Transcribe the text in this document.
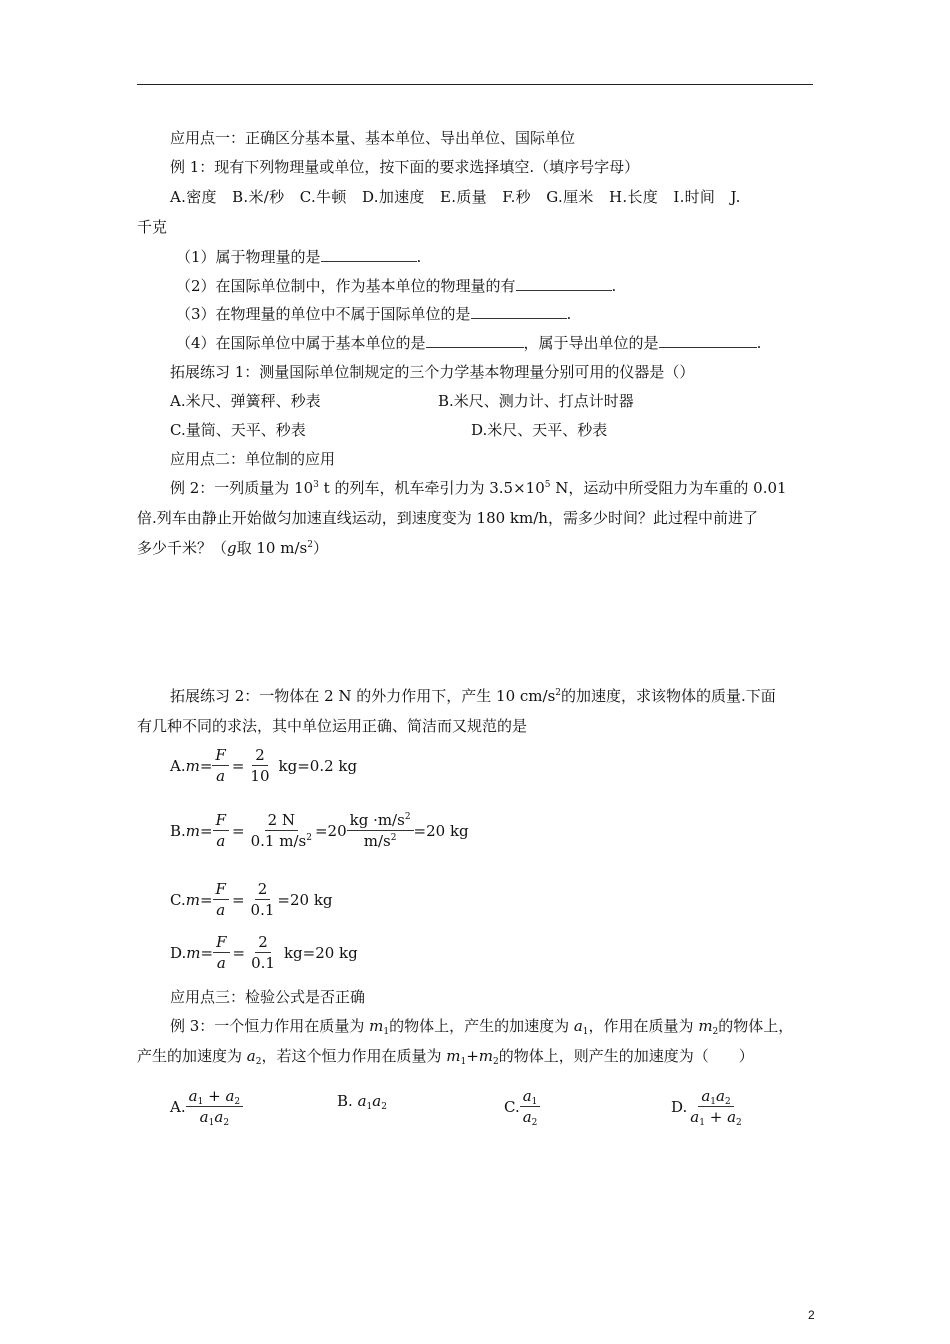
应用点一：正确区分基本量、基本单位、导出单位、国际单位
例 1：现有下列物理量或单位，按下面的要求选择填空.（填序号字母）
A.密度　B.米/秒　C.牛顿　D.加速度　E.质量　F.秒　G.厘米　H.长度　I.时间　J.
千克
（1）属于物理量的是	.
（2）在国际单位制中，作为基本单位的物理量的有	.
（3）在物理量的单位中不属于国际单位的是	.
（4）在国际单位中属于基本单位的是	，属于导出单位的是	.
拓展练习 1：测量国际单位制规定的三个力学基本物理量分别可用的仪器是（）
A.米尺、弹簧秤、秒表	B.米尺、测力计、打点计时器
C.量筒、天平、秒表	D.米尺、天平、秒表
应用点二：单位制的应用
例 2：一列质量为 $10^3$ t 的列车，机车牵引力为 $3.5\times 10^5$ N，运动中所受阻力为车重的 0.01
倍.列车由静止开始做匀加速直线运动，到速度变为 180 km/h，需多少时间？此过程中前进了
多少千米？（g取 10 $m/s^2$）
拓展练习 2：一物体在 2 N 的外力作用下，产生 10 $cm/s^2$的加速度，求该物体的质量.下面
有几种不同的求法，其中单位运用正确、简洁而又规范的是
A. $m = \frac{F}{a} = \frac{2}{10} kg=0.2$ kg
B. $m = \frac{F}{a} = \frac{2 N}{0.1 m/s^2} =20 \frac{kg \cdot m/s^2}{m/s^2} =20$ kg
C. $m = \frac{F}{a} = \frac{2}{0.1} =20$ kg
D. $m = \frac{F}{a} = \frac{2}{0.1} kg=20$ kg
应用点三：检验公式是否正确
例 3：一个恒力作用在质量为 $m_1$的物体上，产生的加速度为 $a_1$，作用在质量为 $m_2$的物体上，
产生的加速度为 $a_2$，若这个恒力作用在质量为 $m_1+m_2$的物体上，则产生的加速度为（　　）
A. $\frac{a_1 + a_2}{a_1a_2}$	B. $a_1a_2$	C. $\frac{a_1}{a_2}$	D. $\frac{a_1a_2}{a_1 + a_2}$
2
